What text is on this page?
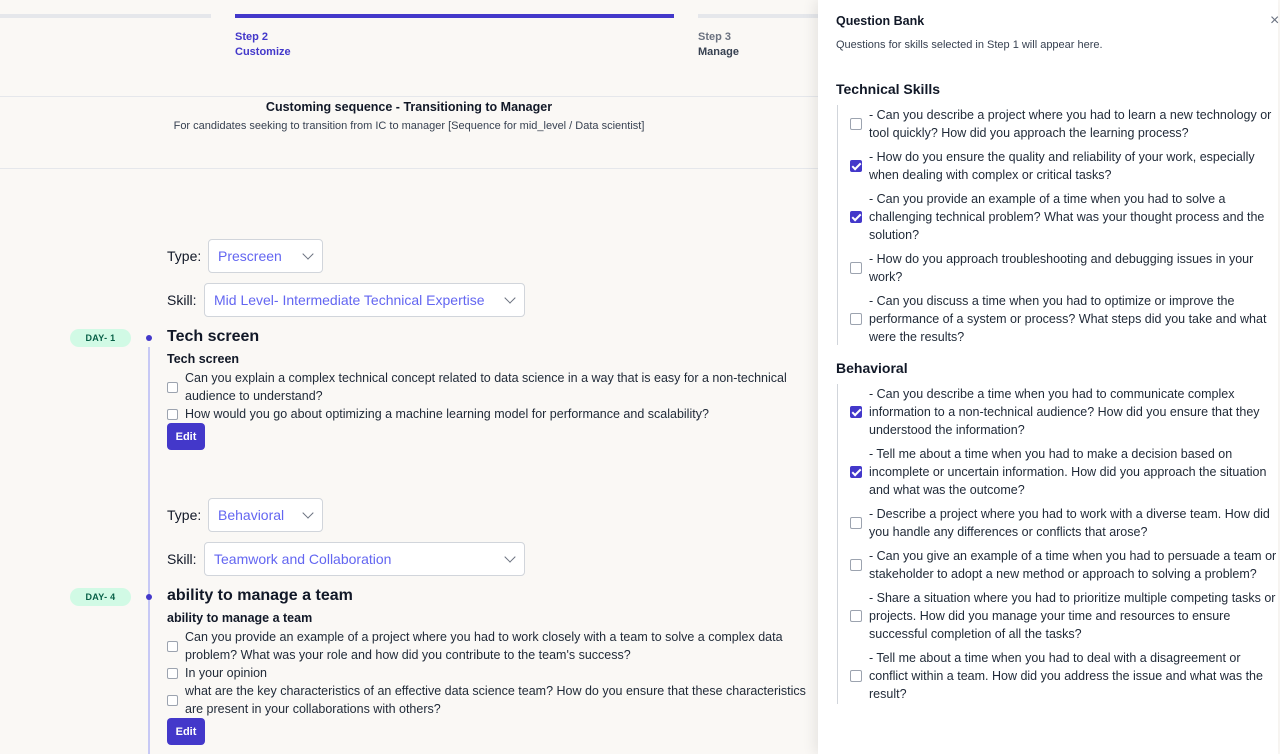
Step 2
Customize
Step 3
Manage
Customing sequence - Transitioning to Manager
For candidates seeking to transition from IC to manager [Sequence for mid_level / Data scientist]
Type: Prescreen
Skill: Mid Level- Intermediate Technical Expertise
DAY- 1	Tech screen
Tech screen
Can you explain a complex technical concept related to data science in a way that is easy for a non-technical audience to understand?
How would you go about optimizing a machine learning model for performance and scalability?
Edit
Type: Behavioral
Skill: Teamwork and Collaboration
DAY- 4	ability to manage a team
ability to manage a team
Can you provide an example of a project where you had to work closely with a team to solve a complex data problem? What was your role and how did you contribute to the team's success?
In your opinion
what are the key characteristics of an effective data science team? How do you ensure that these characteristics are present in your collaborations with others?
Edit
Question Bank	×
Questions for skills selected in Step 1 will appear here.
Technical Skills
- Can you describe a project where you had to learn a new technology or tool quickly? How did you approach the learning process?
- How do you ensure the quality and reliability of your work, especially when dealing with complex or critical tasks?
- Can you provide an example of a time when you had to solve a challenging technical problem? What was your thought process and the solution?
- How do you approach troubleshooting and debugging issues in your work?
- Can you discuss a time when you had to optimize or improve the performance of a system or process? What steps did you take and what were the results?
Behavioral
- Can you describe a time when you had to communicate complex information to a non-technical audience? How did you ensure that they understood the information?
- Tell me about a time when you had to make a decision based on incomplete or uncertain information. How did you approach the situation and what was the outcome?
- Describe a project where you had to work with a diverse team. How did you handle any differences or conflicts that arose?
- Can you give an example of a time when you had to persuade a team or stakeholder to adopt a new method or approach to solving a problem?
- Share a situation where you had to prioritize multiple competing tasks or projects. How did you manage your time and resources to ensure successful completion of all the tasks?
- Tell me about a time when you had to deal with a disagreement or conflict within a team. How did you address the issue and what was the result?
